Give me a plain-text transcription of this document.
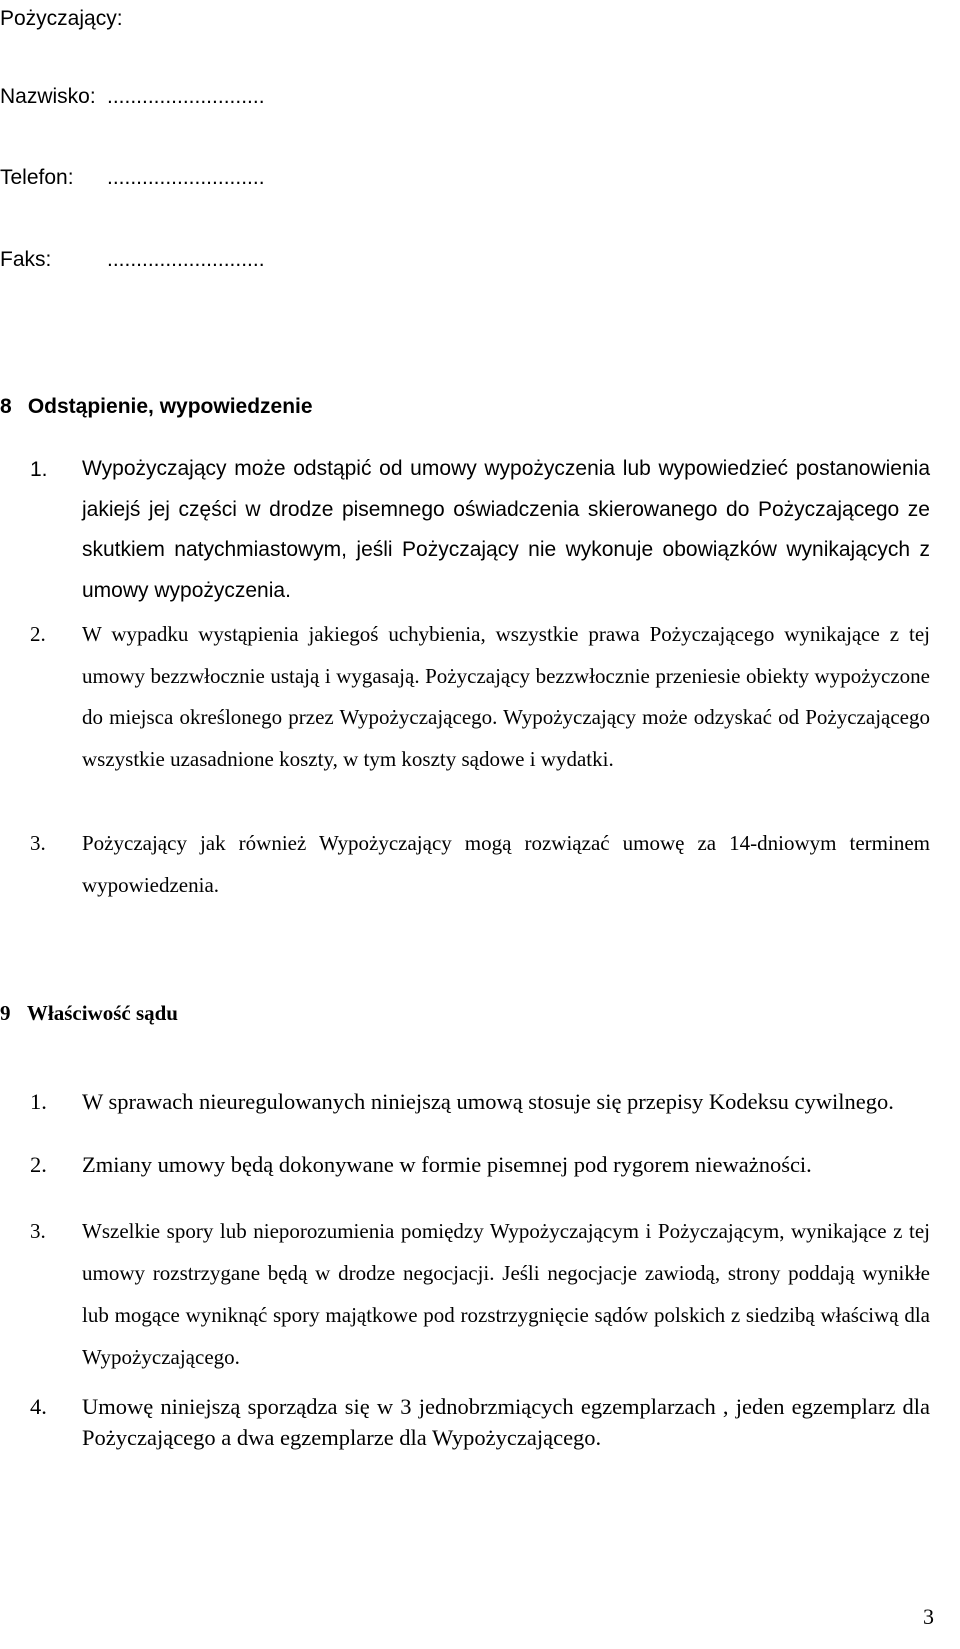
Pożyczający:
Nazwisko: ...........................
Telefon: ...........................
Faks:	...........................
8 Odstąpienie, wypowiedzenie
1. Wypożyczający może odstąpić od umowy wypożyczenia lub wypowiedzieć postanowienia jakiejś jej części w drodze pisemnego oświadczenia skierowanego do Pożyczającego ze skutkiem natychmiastowym, jeśli Pożyczający nie wykonuje obowiązków wynikających z umowy wypożyczenia.
2. W wypadku wystąpienia jakiegoś uchybienia, wszystkie prawa Pożyczającego wynikające z tej umowy bezzwłocznie ustają i wygasają. Pożyczający bezzwłocznie przeniesie obiekty wypożyczone do miejsca określonego przez Wypożyczającego. Wypożyczający może odzyskać od Pożyczającego wszystkie uzasadnione koszty, w tym koszty sądowe i wydatki.
3. Pożyczający jak również Wypożyczający mogą rozwiązać umowę za 14-dniowym terminem wypowiedzenia.
9 Właściwość sądu
1. W sprawach nieuregulowanych niniejszą umową stosuje się przepisy Kodeksu cywilnego.
2. Zmiany umowy będą dokonywane w formie pisemnej pod rygorem nieważności.
3. Wszelkie spory lub nieporozumienia pomiędzy Wypożyczającym i Pożyczającym, wynikające z tej umowy rozstrzygane będą w drodze negocjacji. Jeśli negocjacje zawiodą, strony poddają wynikłe lub mogące wyniknąć spory majątkowe pod rozstrzygnięcie sądów polskich z siedzibą właściwą dla Wypożyczającego.
4. Umowę niniejszą sporządza się w 3 jednobrzmiących egzemplarzach , jeden egzemplarz dla Pożyczającego a dwa egzemplarze dla Wypożyczającego.
3
